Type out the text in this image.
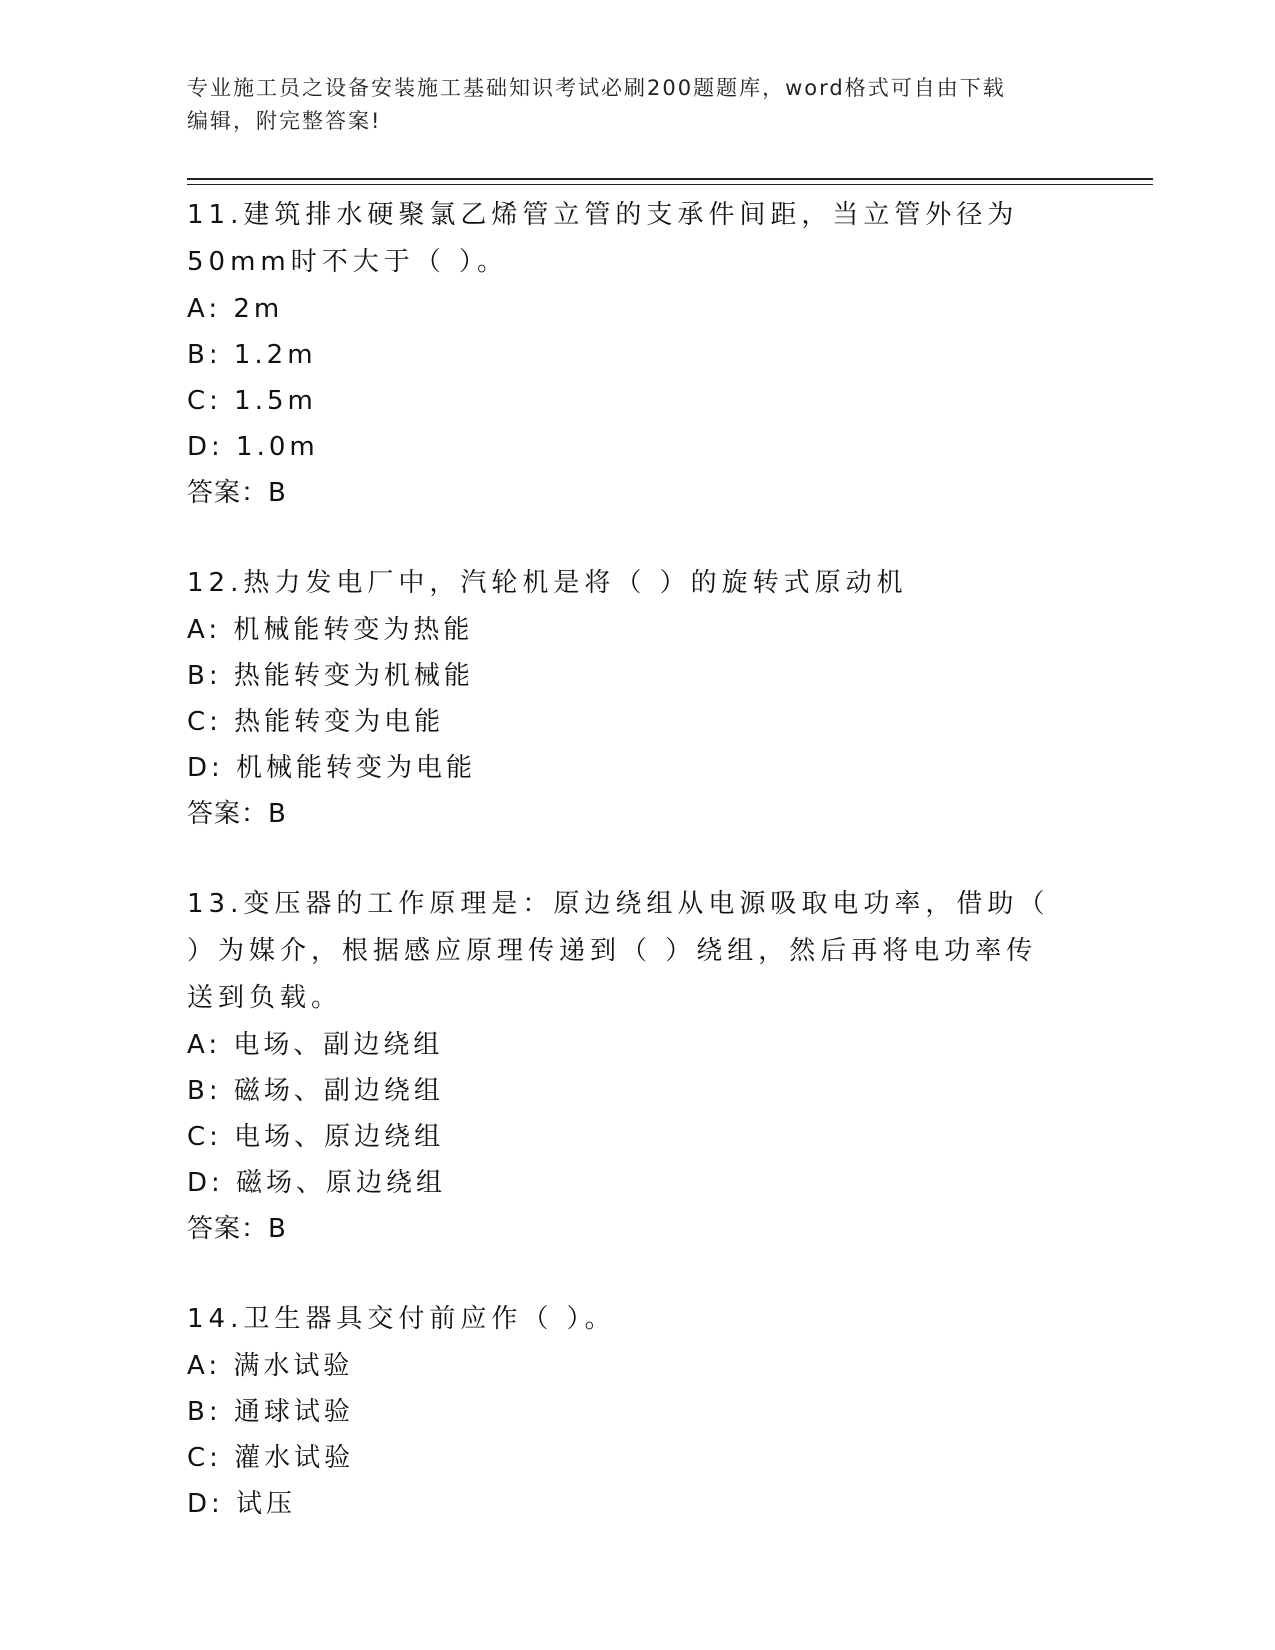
专业施工员之设备安装施工基础知识考试必刷200题题库，word格式可自由下载
编辑，附完整答案!

11.建筑排水硬聚氯乙烯管立管的支承件间距，当立管外径为50mm时不大于（ ）。

A: 2m

B: 1.2m

C: 1.5m

D: 1.0m

答案：B

12.热力发电厂中，汽轮机是将（ ）的旋转式原动机

A: 机械能转变为热能

B: 热能转变为机械能

C: 热能转变为电能

D: 机械能转变为电能

答案：B

13.变压器的工作原理是：原边绕组从电源吸取电功率，借助（ ）为媒介，根据感应原理传递到（ ）绕组，然后再将电功率传送到负载。

A: 电场、副边绕组

B: 磁场、副边绕组

C: 电场、原边绕组

D: 磁场、原边绕组

答案：B

14.卫生器具交付前应作（ ）。

A: 满水试验

B: 通球试验

C: 灌水试验

D: 试压
